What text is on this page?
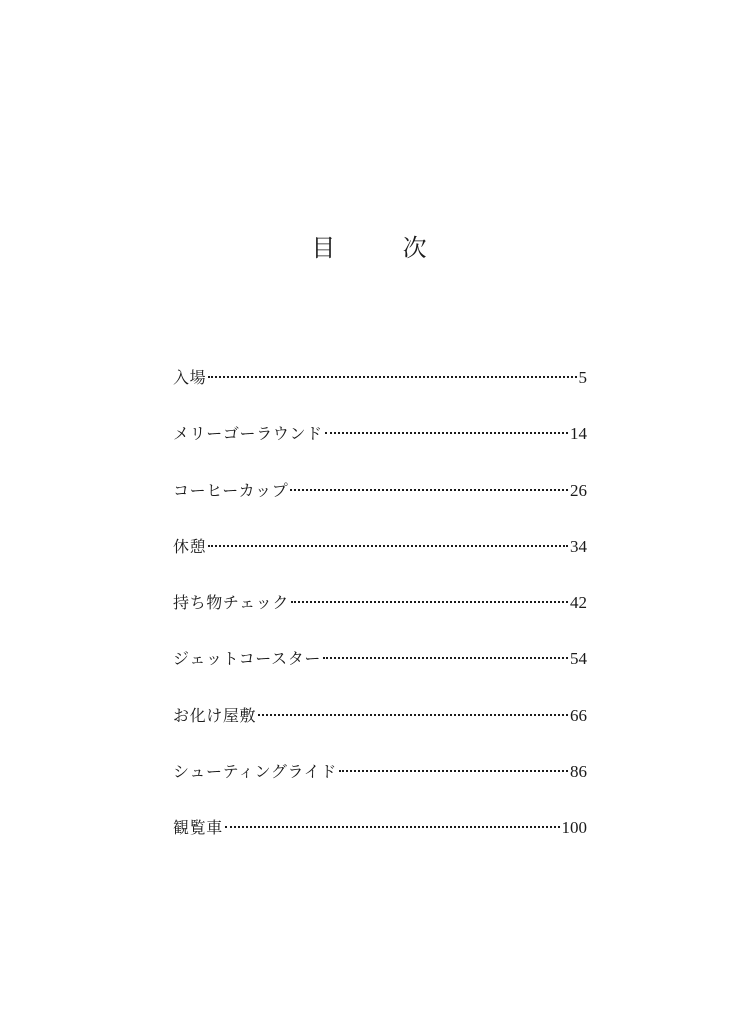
目　次
入場	5
メリーゴーラウンド	14
コーヒーカップ	26
休憩	34
持ち物チェック	42
ジェットコースター	54
お化け屋敷	66
シューティングライド	86
観覧車	100
